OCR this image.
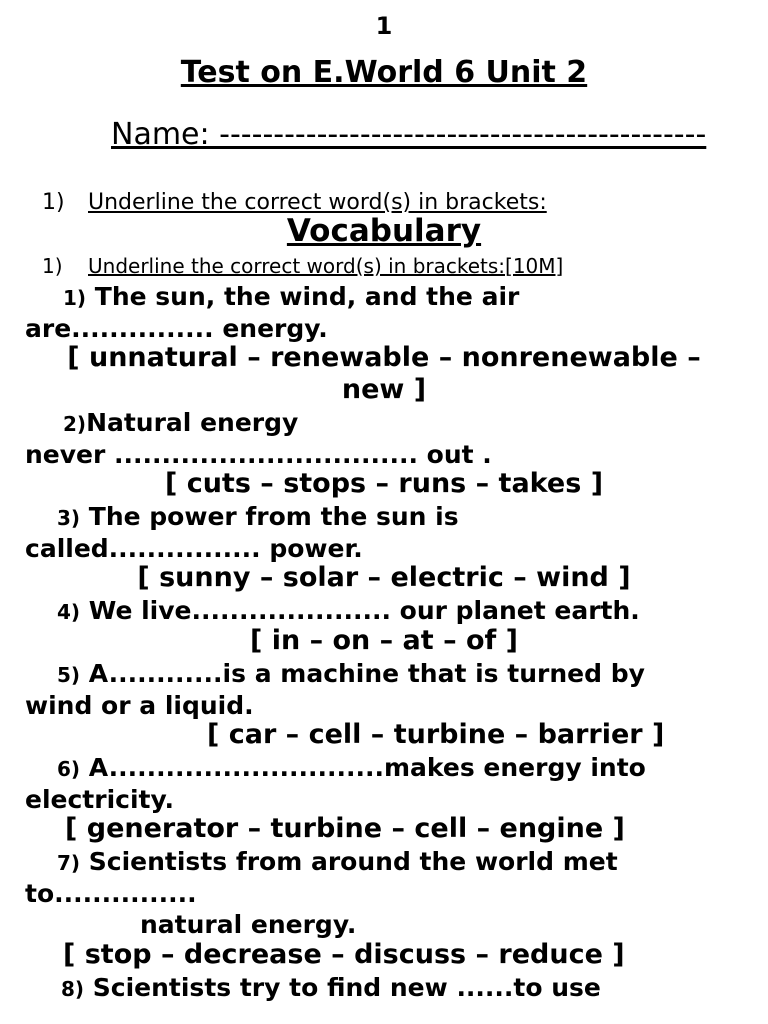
1
Test on E.World 6 Unit 2
Name: ---------------------------------------------
1) Underline the correct word(s) in brackets:
Vocabulary
1) Underline the correct word(s) in brackets:[10M]
1) The sun, the wind, and the air
are............... energy.
[ unnatural – renewable – nonrenewable –
new ]
2)Natural energy
never ................................ out .
[ cuts – stops – runs – takes ]
3) The power from the sun is
called................ power.
[ sunny – solar – electric – wind ]
4) We live..................... our planet earth.
[ in – on – at – of ]
5) A............is a machine that is turned by
wind or a liquid.
[ car – cell – turbine – barrier ]
6) A.............................makes energy into
electricity.
[ generator – turbine – cell – engine ]
7) Scientists from around the world met
to...............
natural energy.
[ stop – decrease – discuss – reduce ]
8) Scientists try to find new ......to use
